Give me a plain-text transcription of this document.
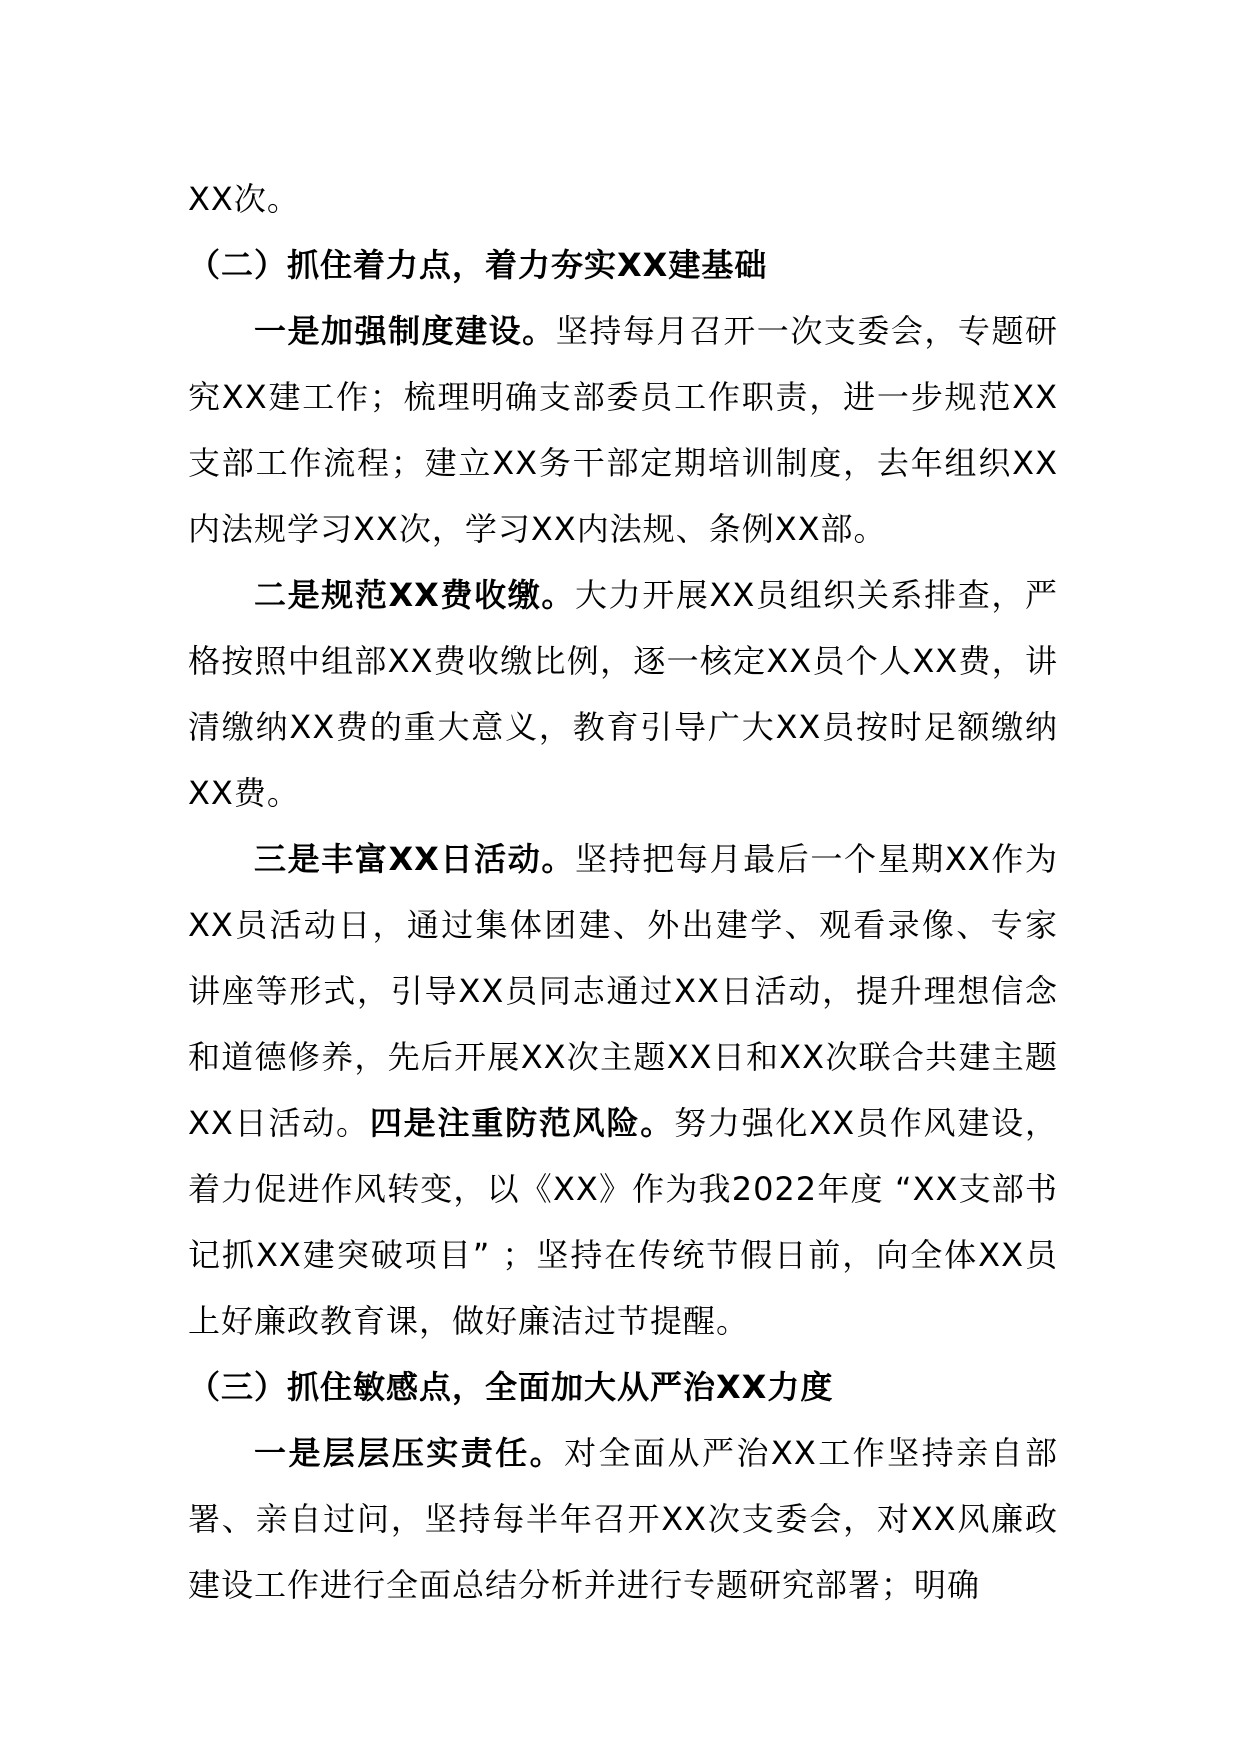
XX次。

（二）抓住着力点，着力夯实XX建基础

一是加强制度建设。坚持每月召开一次支委会，专题研究XX建工作；梳理明确支部委员工作职责，进一步规范XX支部工作流程；建立XX务干部定期培训制度，去年组织XX内法规学习XX次，学习XX内法规、条例XX部。

二是规范XX费收缴。大力开展XX员组织关系排查，严格按照中组部XX费收缴比例，逐一核定XX员个人XX费，讲清缴纳XX费的重大意义，教育引导广大XX员按时足额缴纳XX费。

三是丰富XX日活动。坚持把每月最后一个星期XX作为XX员活动日，通过集体团建、外出建学、观看录像、专家讲座等形式，引导XX员同志通过XX日活动，提升理想信念和道德修养，先后开展XX次主题XX日和XX次联合共建主题XX日活动。四是注重防范风险。努力强化XX员作风建设，着力促进作风转变，以《XX》作为我2022年度 “XX支部书记抓XX建突破项目” ；坚持在传统节假日前，向全体XX员上好廉政教育课，做好廉洁过节提醒。

（三）抓住敏感点，全面加大从严治XX力度

一是层层压实责任。对全面从严治XX工作坚持亲自部署、亲自过问，坚持每半年召开XX次支委会，对XX风廉政建设工作进行全面总结分析并进行专题研究部署；明确
